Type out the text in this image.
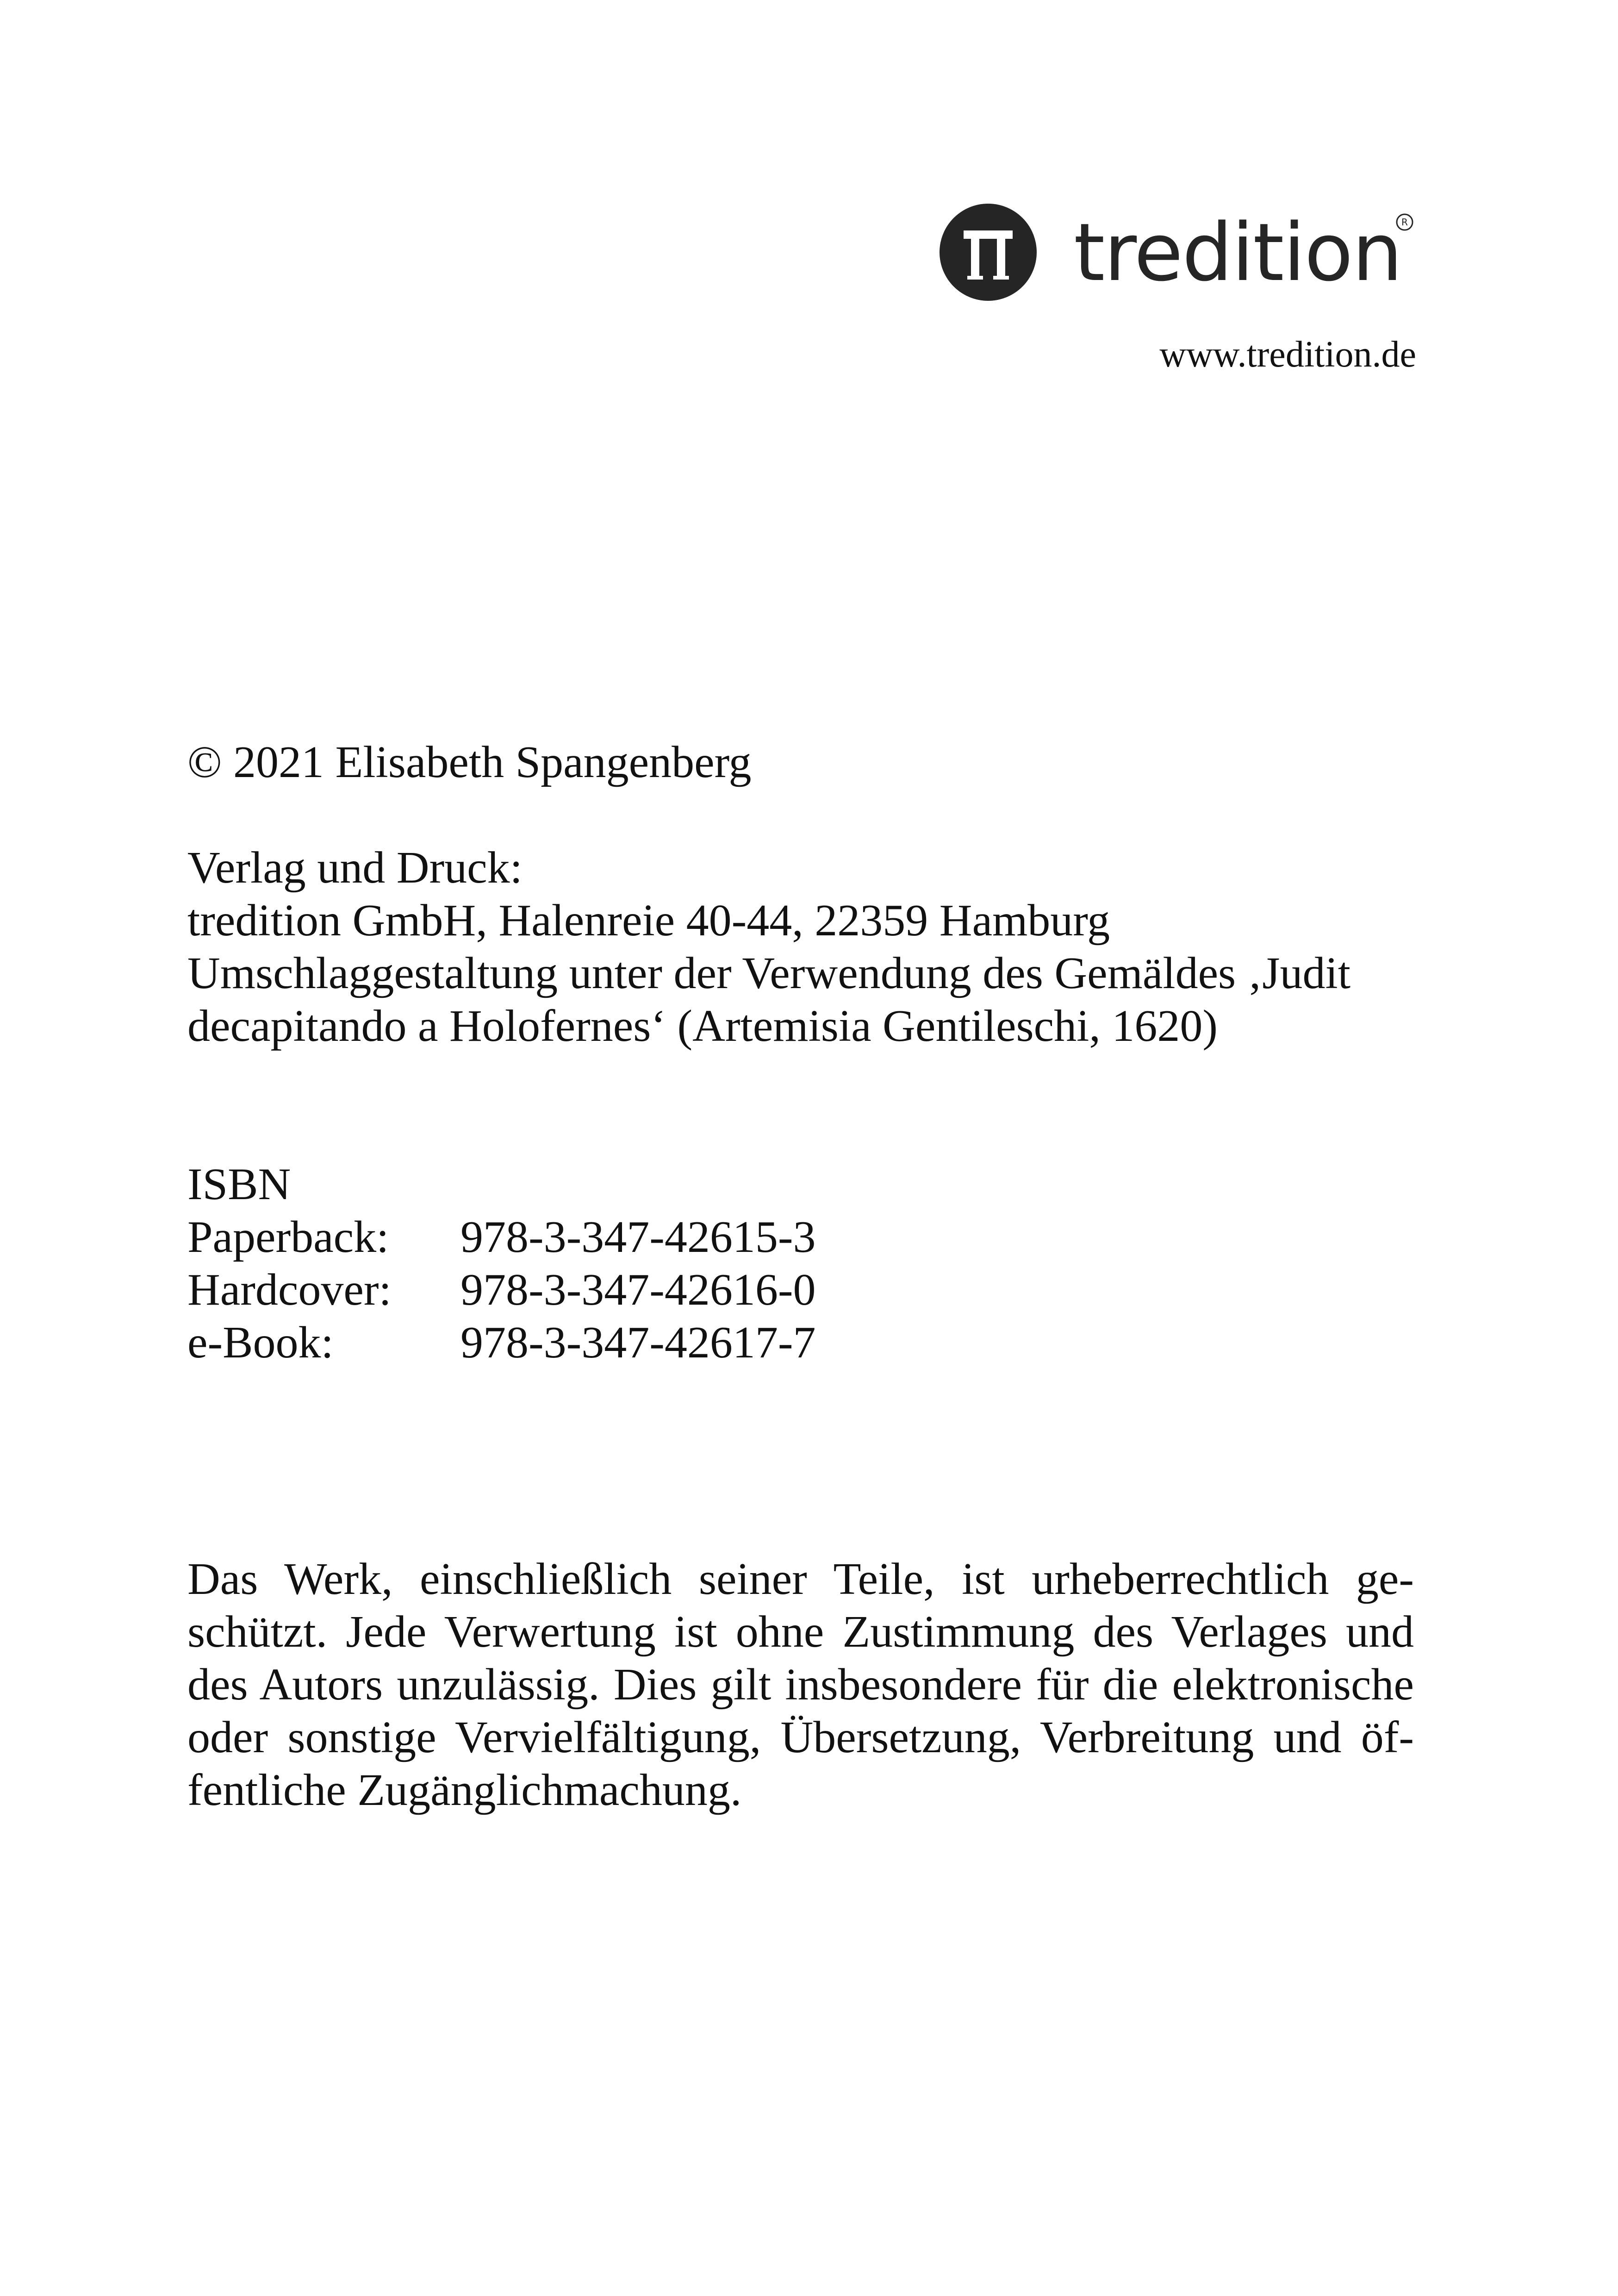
tredition R
www.tredition.de
© 2021 Elisabeth Spangenberg
Verlag und Druck:
tredition GmbH, Halenreie 40-44, 22359 Hamburg
Umschlaggestaltung unter der Verwendung des Gemäldes ‚Judit
decapitando a Holofernes‘ (Artemisia Gentileschi, 1620)
ISBN
Paperback: 978-3-347-42615-3
Hardcover: 978-3-347-42616-0
e-Book:	978-3-347-42617-7
Das Werk, einschließlich seiner Teile, ist urheberrechtlich ge-
schützt. Jede Verwertung ist ohne Zustimmung des Verlages und
des Autors unzulässig. Dies gilt insbesondere für die elektronische
oder sonstige Vervielfältigung, Übersetzung, Verbreitung und öf-
fentliche Zugänglichmachung.
